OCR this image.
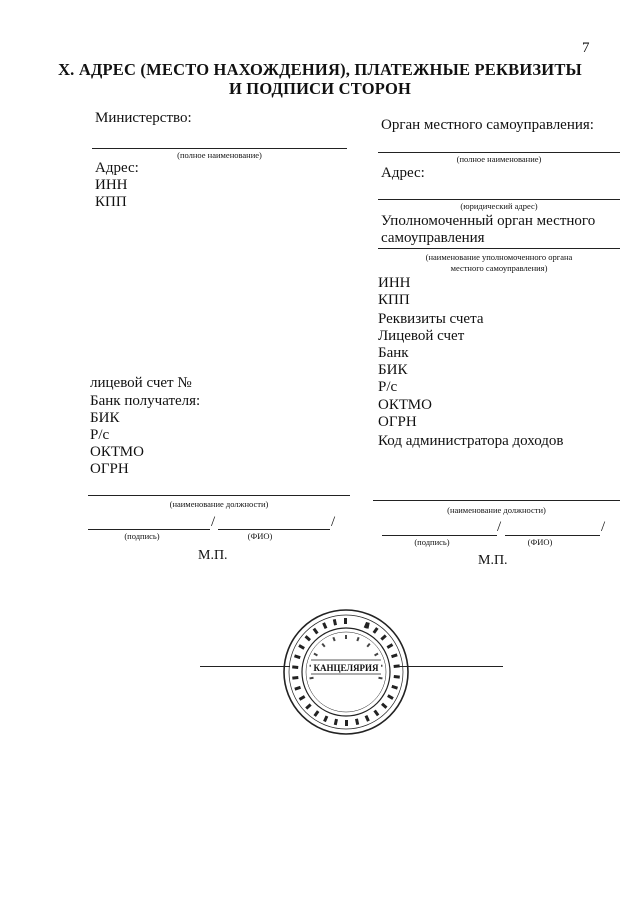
7
X. АДРЕС (МЕСТО НАХОЖДЕНИЯ), ПЛАТЕЖНЫЕ РЕКВИЗИТЫ
И ПОДПИСИ СТОРОН
Министерство:
(полное наименование)
Адрес:
ИНН
КПП
лицевой счет №
Банк получателя:
БИК
Р/с
ОКТМО
ОГРН
(наименование должности)
/	/
(подпись)	(ФИО)
М.П.
Орган местного самоуправления:
(полное наименование)
Адрес:
(юридический адрес)
Уполномоченный орган местного
самоуправления
(наименование уполномоченного органа
местного самоуправления)
ИНН
КПП
Реквизиты счета
Лицевой счет
Банк
БИК
Р/с
ОКТМО
ОГРН
Код администратора доходов
(наименование должности)
/	/
(подпись)	(ФИО)
М.П.
КАНЦЕЛЯРИЯ
